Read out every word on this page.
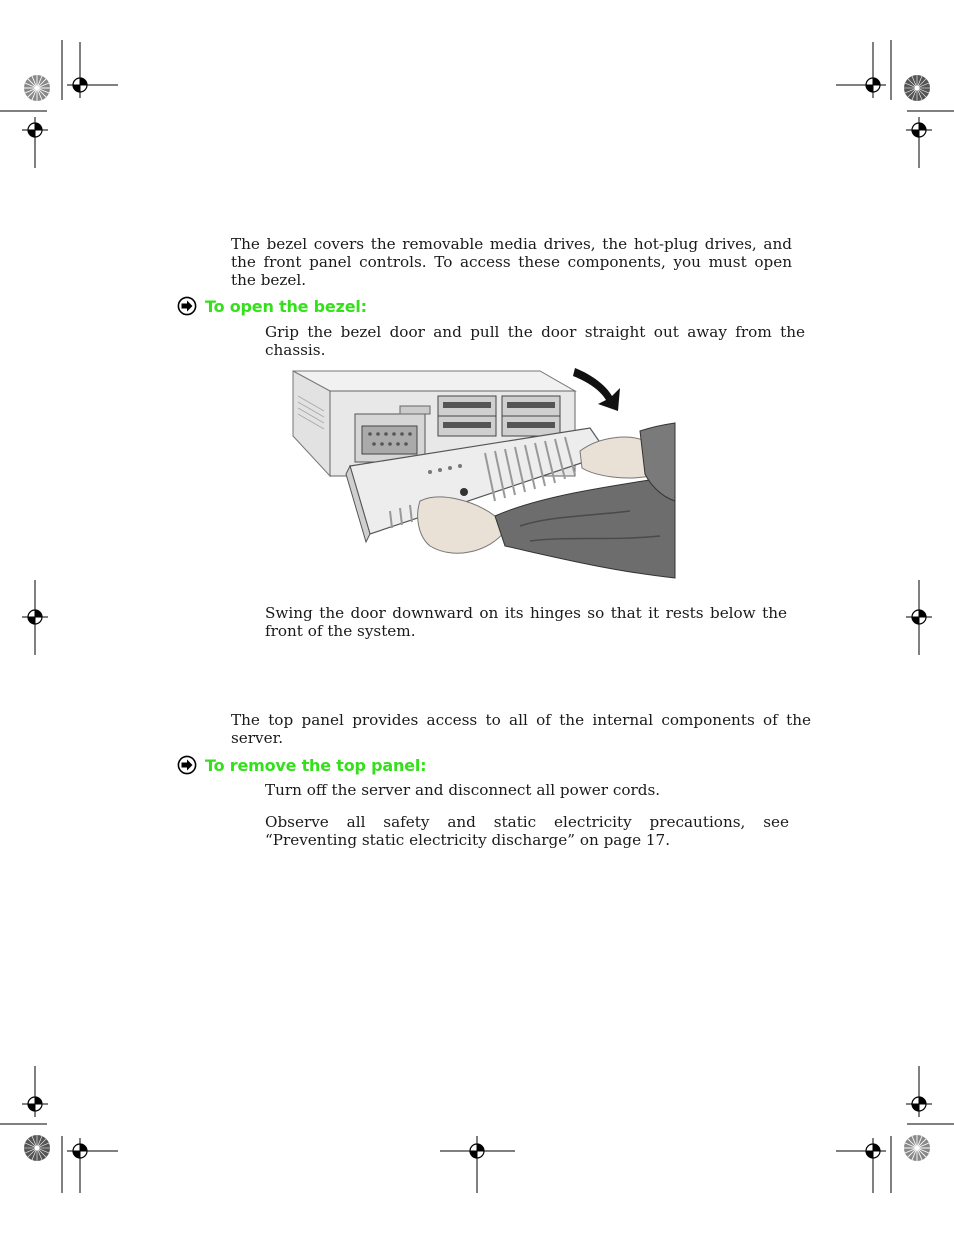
The bezel covers the removable media drives, the hot-plug drives, and the front panel controls. To access these components, you must open the bezel.

To open the bezel:

Grip the bezel door and pull the door straight out away from the chassis.

Swing the door downward on its hinges so that it rests below the front of the system.

The top panel provides access to all of the internal components of the server.

To remove the top panel:

Turn off the server and disconnect all power cords.

Observe all safety and static electricity precautions, see “Preventing static electricity discharge” on page 17.
